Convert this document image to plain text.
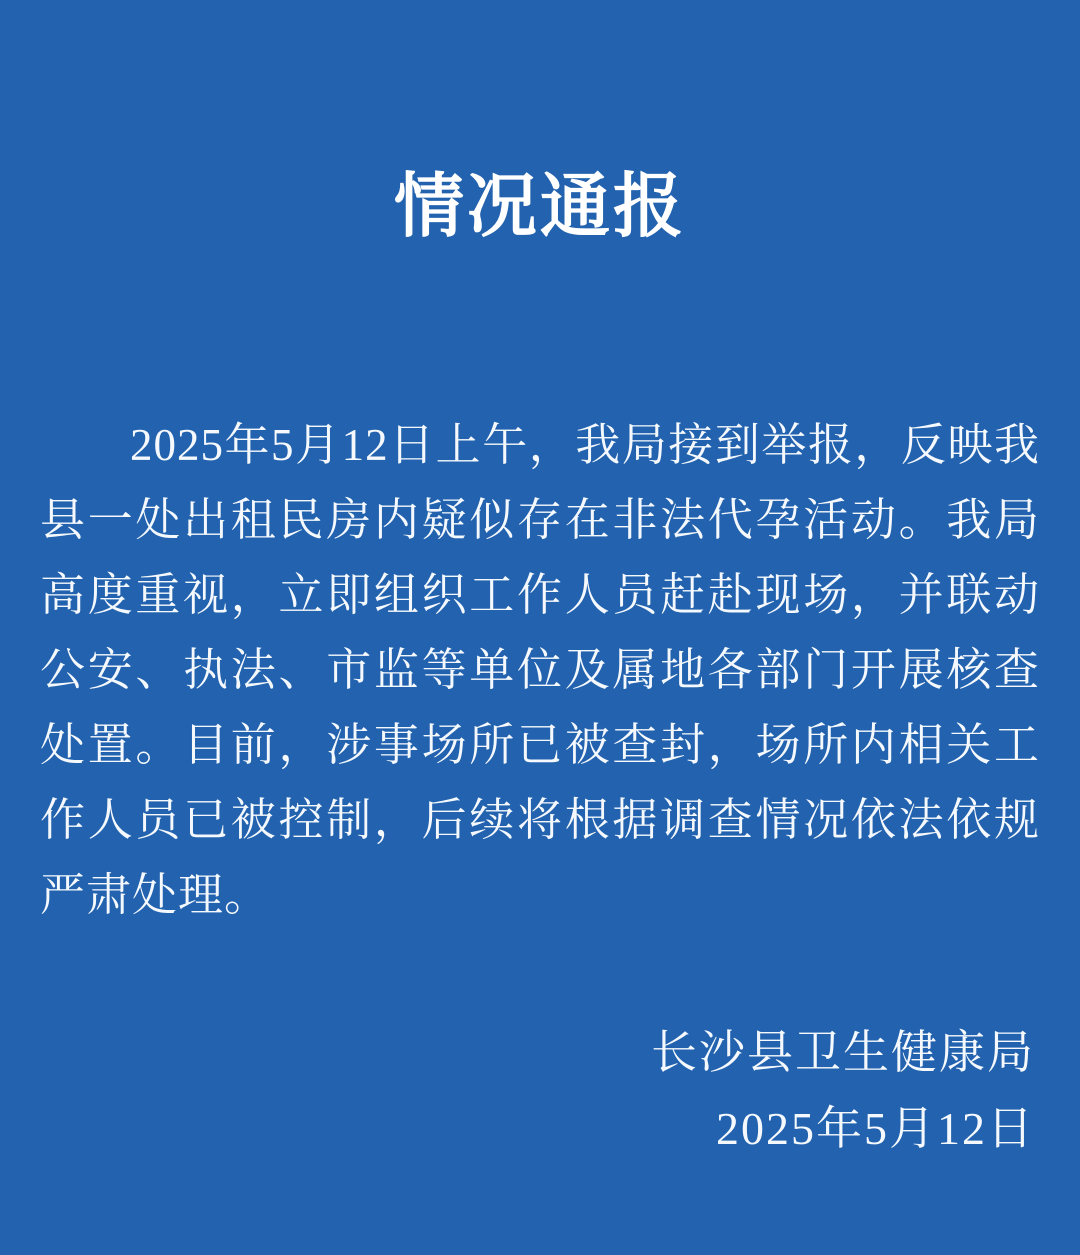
情况通报

2025年5月12日上午，我局接到举报，反映我县一处出租民房内疑似存在非法代孕活动。我局高度重视，立即组织工作人员赶赴现场，并联动公安、执法、市监等单位及属地各部门开展核查处置。目前，涉事场所已被查封，场所内相关工作人员已被控制，后续将根据调查情况依法依规严肃处理。

长沙县卫生健康局
2025年5月12日
